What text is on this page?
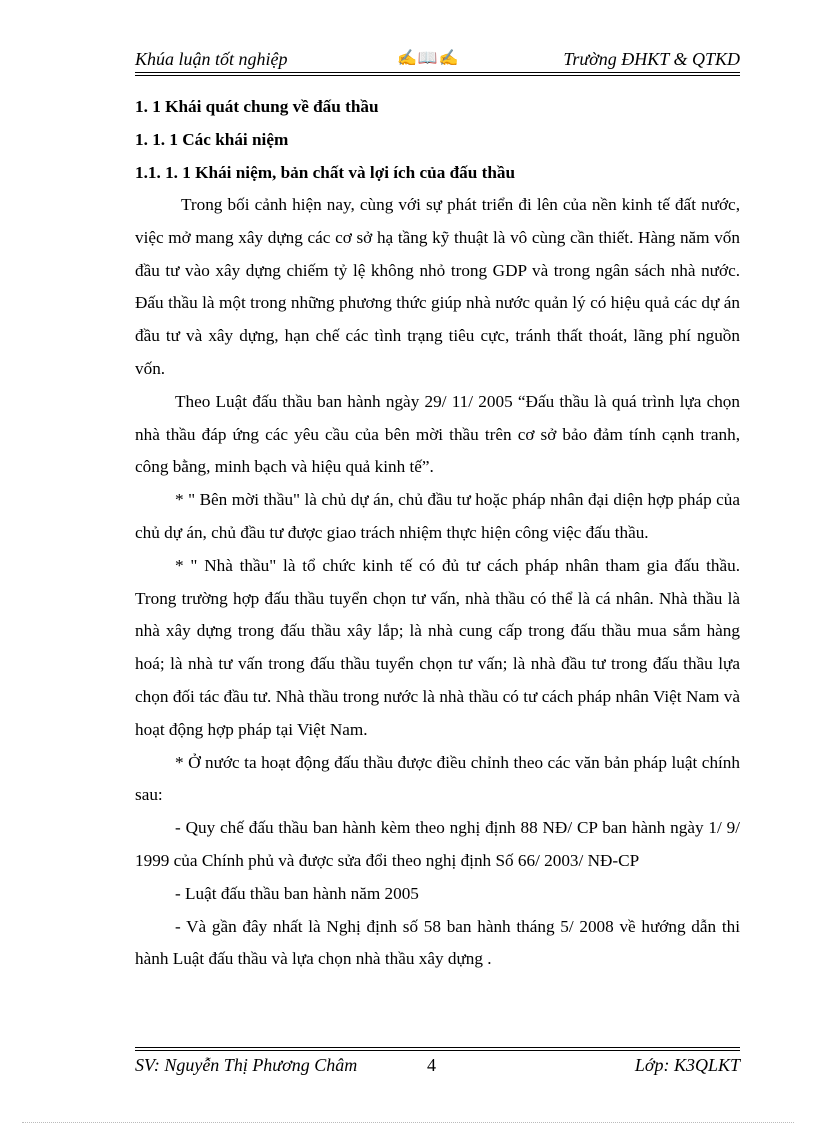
Khúa luận tốt nghiệp	✍📖✍	Trường ĐHKT & QTKD

1. 1 Khái quát chung về đấu thầu

1. 1. 1 Các khái niệm

1.1. 1. 1 Khái niệm, bản chất và lợi ích của đấu thầu

Trong bối cảnh hiện nay, cùng với sự phát triển đi lên của nền kinh tế đất nước, việc mở mang xây dựng các cơ sở hạ tầng kỹ thuật là vô cùng cần thiết. Hàng năm vốn đầu tư vào xây dựng chiếm tỷ lệ không nhỏ trong GDP và trong ngân sách nhà nước. Đấu thầu là một trong những phương thức giúp nhà nước quản lý có hiệu quả các dự án đầu tư và xây dựng, hạn chế các tình trạng tiêu cực, tránh thất thoát, lãng phí nguồn vốn.

Theo Luật đấu thầu ban hành ngày 29/ 11/ 2005 “Đấu thầu là quá trình lựa chọn nhà thầu đáp ứng các yêu cầu của bên mời thầu trên cơ sở bảo đảm tính cạnh tranh, công bằng, minh bạch và hiệu quả kinh tế”.

* " Bên mời thầu" là chủ dự án, chủ đầu tư hoặc pháp nhân đại diện hợp pháp của chủ dự án, chủ đầu tư được giao trách nhiệm thực hiện công việc đấu thầu.

* " Nhà thầu" là tổ chức kinh tế có đủ tư cách pháp nhân tham gia đấu thầu. Trong trường hợp đấu thầu tuyển chọn tư vấn, nhà thầu có thể là cá nhân. Nhà thầu là nhà xây dựng trong đấu thầu xây lắp; là nhà cung cấp trong đấu thầu mua sắm hàng hoá; là nhà tư vấn trong đấu thầu tuyển chọn tư vấn; là nhà đầu tư trong đấu thầu lựa chọn đối tác đầu tư. Nhà thầu trong nước là nhà thầu có tư cách pháp nhân Việt Nam và hoạt động hợp pháp tại Việt Nam.

* Ở nước ta hoạt động đấu thầu được điều chỉnh theo các văn bản pháp luật chính sau:

- Quy chế đấu thầu ban hành kèm theo nghị định 88 NĐ/ CP ban hành ngày 1/ 9/ 1999 của Chính phủ và được sửa đổi theo nghị định Số 66/ 2003/ NĐ-CP

- Luật đấu thầu ban hành năm 2005

- Và gần đây nhất là Nghị định số 58 ban hành tháng 5/ 2008 về hướng dẫn thi hành Luật đấu thầu và lựa chọn nhà thầu xây dựng .

SV: Nguyễn Thị Phương Châm	4	Lớp: K3QLKT
